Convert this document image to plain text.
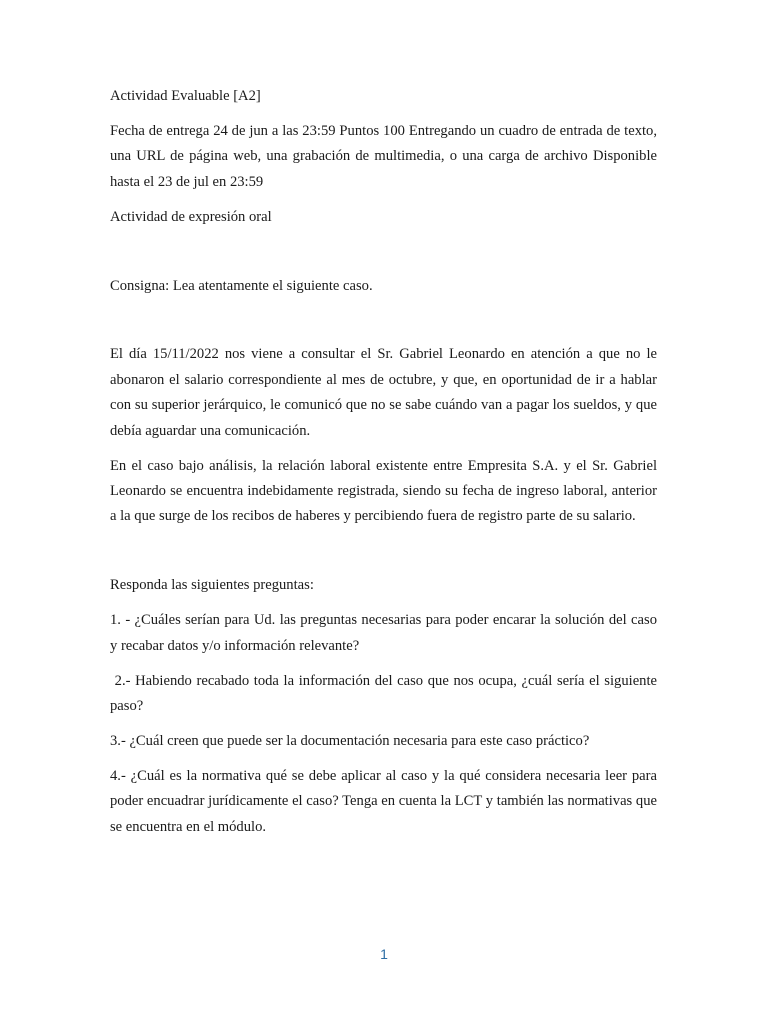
Actividad Evaluable [A2]

Fecha de entrega 24 de jun a las 23:59 Puntos 100 Entregando un cuadro de entrada de texto, una URL de página web, una grabación de multimedia, o una carga de archivo Disponible hasta el 23 de jul en 23:59

Actividad de expresión oral

Consigna: Lea atentamente el siguiente caso.

El día 15/11/2022 nos viene a consultar el Sr. Gabriel Leonardo en atención a que no le abonaron el salario correspondiente al mes de octubre, y que, en oportunidad de ir a hablar con su superior jerárquico, le comunicó que no se sabe cuándo van a pagar los sueldos, y que debía aguardar una comunicación.

En el caso bajo análisis, la relación laboral existente entre Empresita S.A. y el Sr. Gabriel Leonardo se encuentra indebidamente registrada, siendo su fecha de ingreso laboral, anterior a la que surge de los recibos de haberes y percibiendo fuera de registro parte de su salario.

Responda las siguientes preguntas:

1. - ¿Cuáles serían para Ud. las preguntas necesarias para poder encarar la solución del caso y recabar datos y/o información relevante?

2.- Habiendo recabado toda la información del caso que nos ocupa, ¿cuál sería el siguiente paso?

3.- ¿Cuál creen que puede ser la documentación necesaria para este caso práctico?

4.- ¿Cuál es la normativa qué se debe aplicar al caso y la qué considera necesaria leer para poder encuadrar jurídicamente el caso? Tenga en cuenta la LCT y también las normativas que se encuentra en el módulo.

1
